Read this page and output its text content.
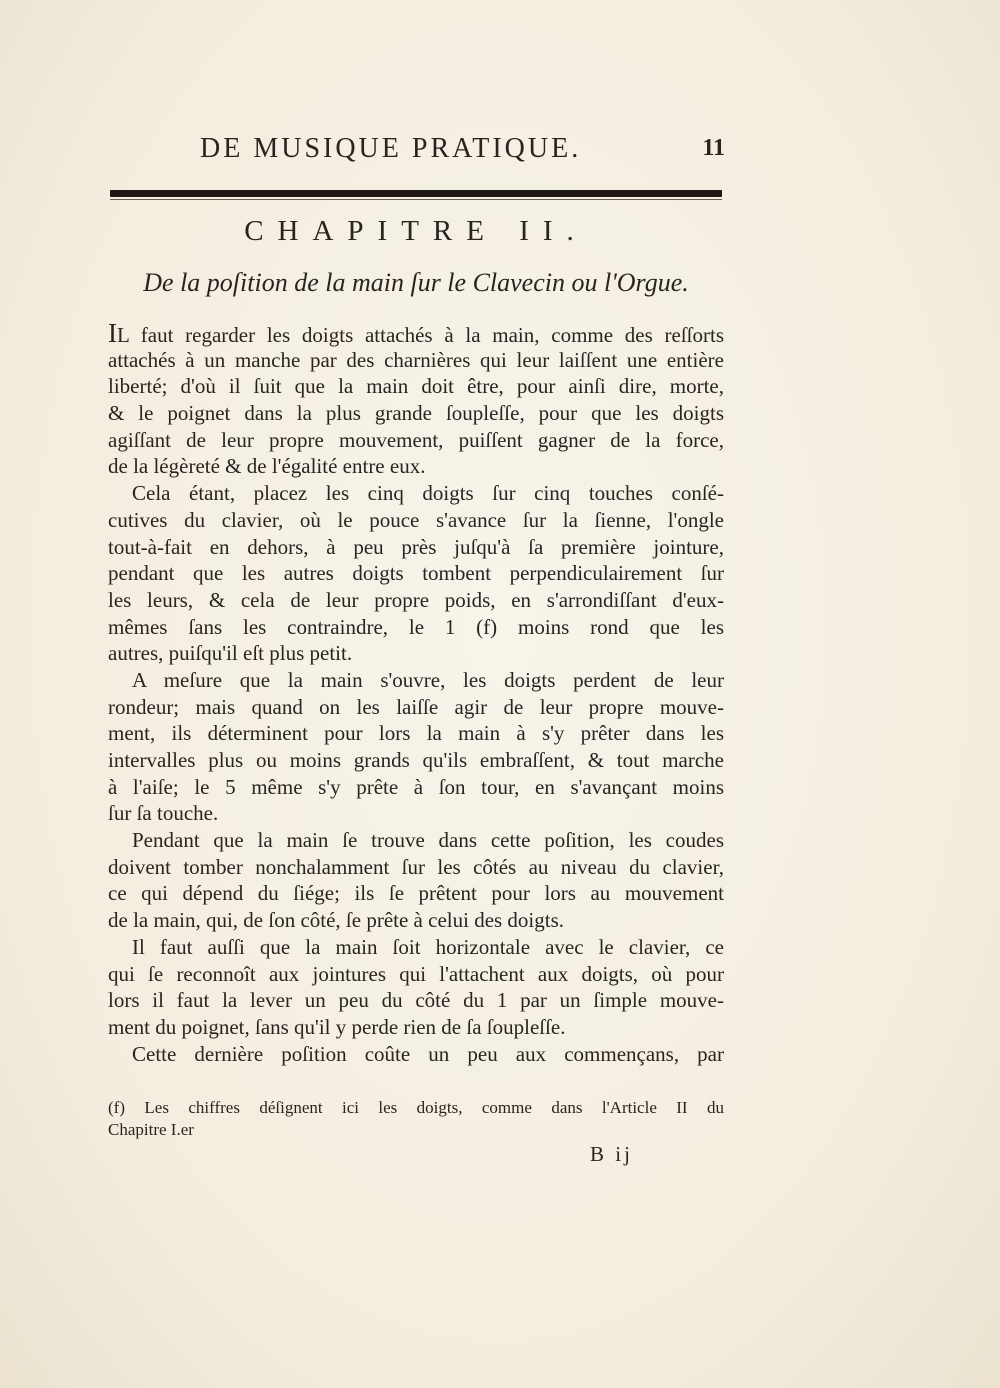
DE MUSIQUE PRATIQUE.	11
CHAPITRE II.
De la poſition de la main ſur le Clavecin ou l'Orgue.
IL faut regarder les doigts attachés à la main, comme des reſſorts
attachés à un manche par des charnières qui leur laiſſent une entière
liberté; d'où il ſuit que la main doit être, pour ainſi dire, morte,
& le poignet dans la plus grande ſoupleſſe, pour que les doigts
agiſſant de leur propre mouvement, puiſſent gagner de la force,
de la légèreté & de l'égalité entre eux.
Cela étant, placez les cinq doigts ſur cinq touches conſé-
cutives du clavier, où le pouce s'avance ſur la ſienne, l'ongle
tout-à-fait en dehors, à peu près juſqu'à ſa première jointure,
pendant que les autres doigts tombent perpendiculairement ſur
les leurs, & cela de leur propre poids, en s'arrondiſſant d'eux-
mêmes ſans les contraindre, le 1 (f) moins rond que les
autres, puiſqu'il eſt plus petit.
A meſure que la main s'ouvre, les doigts perdent de leur
rondeur; mais quand on les laiſſe agir de leur propre mouve-
ment, ils déterminent pour lors la main à s'y prêter dans les
intervalles plus ou moins grands qu'ils embraſſent, & tout marche
à l'aiſe; le 5 même s'y prête à ſon tour, en s'avançant moins
ſur ſa touche.
Pendant que la main ſe trouve dans cette poſition, les coudes
doivent tomber nonchalamment ſur les côtés au niveau du clavier,
ce qui dépend du ſiége; ils ſe prêtent pour lors au mouvement
de la main, qui, de ſon côté, ſe prête à celui des doigts.
Il faut auſſi que la main ſoit horizontale avec le clavier, ce
qui ſe reconnoît aux jointures qui l'attachent aux doigts, où pour
lors il faut la lever un peu du côté du 1 par un ſimple mouve-
ment du poignet, ſans qu'il y perde rien de ſa ſoupleſſe.
Cette dernière poſition coûte un peu aux commençans, par
(f) Les chiffres déſignent ici les doigts, comme dans l'Article II du
Chapitre I.er
B ij
